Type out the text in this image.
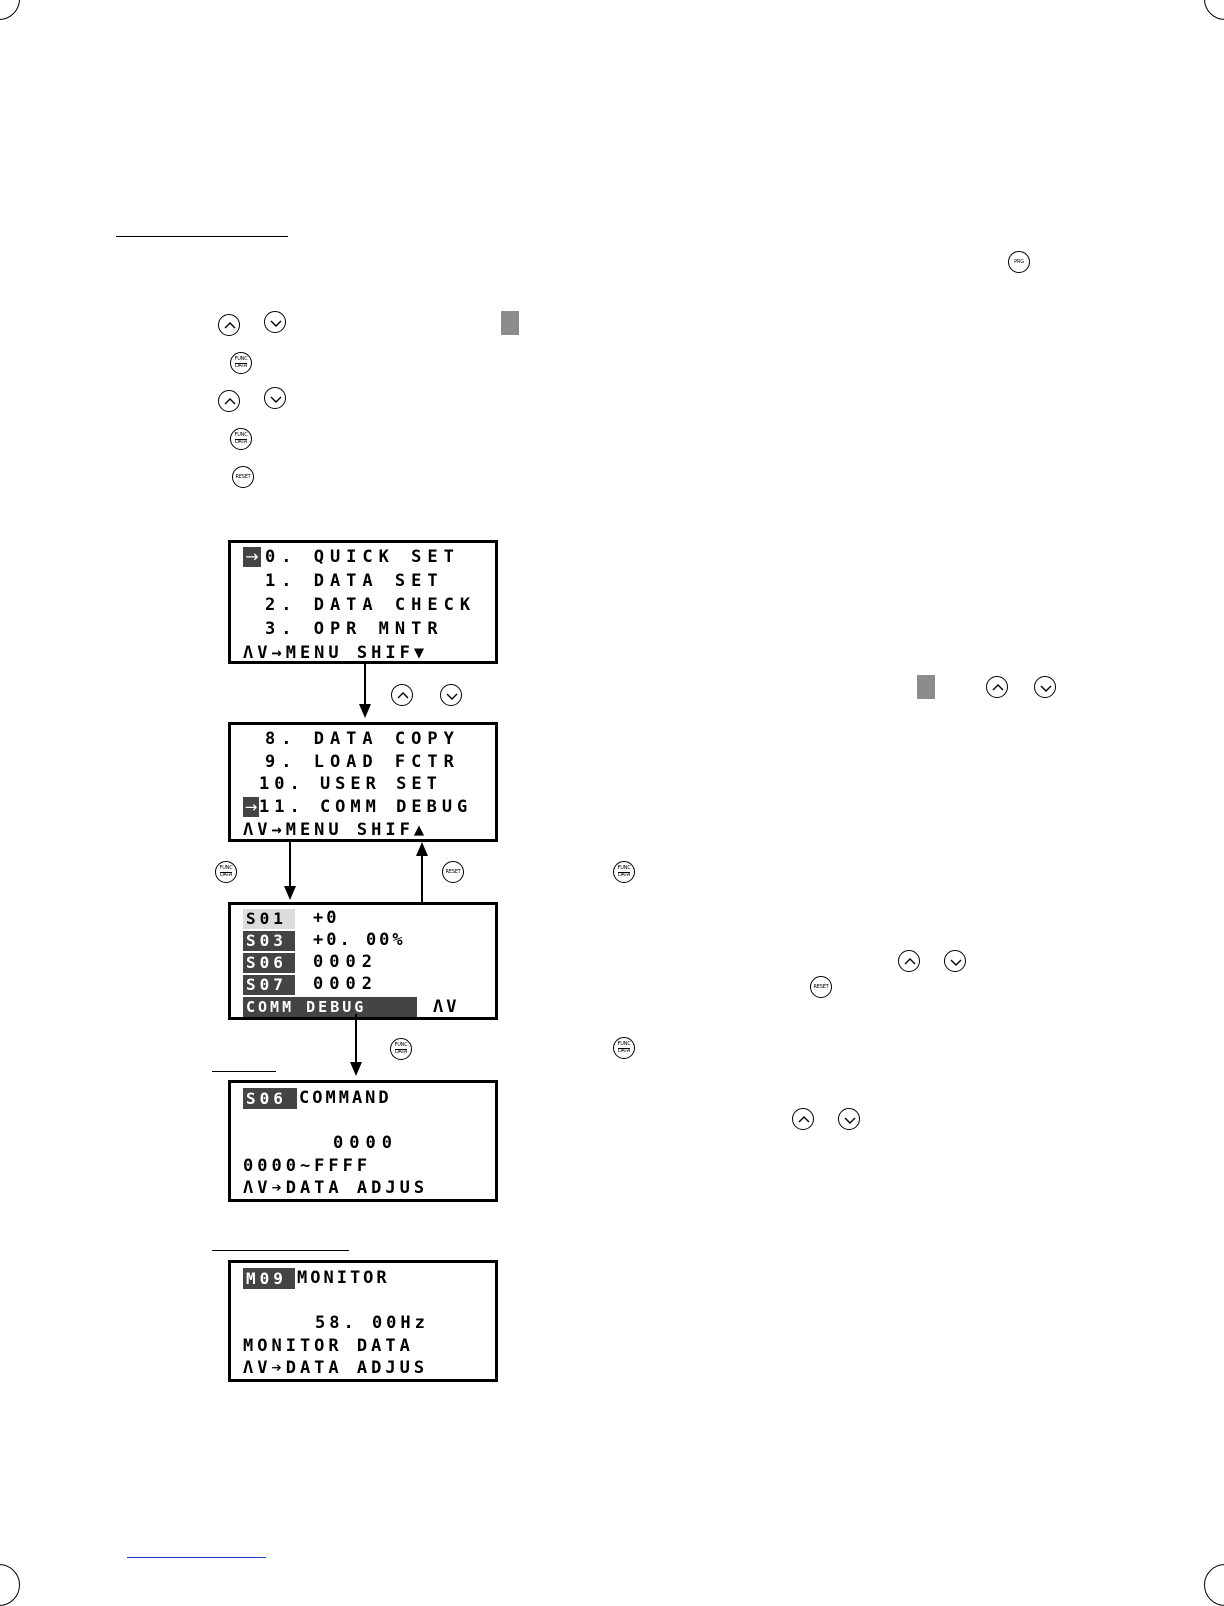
PRG
FUNC
DATA
FUNC
DATA
RESET
→ 0. QUICK SET
1. DATA SET
2. DATA CHECK
3. OPR MNTR
ΛV→MENU SHIF▼
8. DATA COPY
9. LOAD FCTR
10. USER SET
→ 11. COMM DEBUG
ΛV→MENU SHIF▲
FUNC
DATA
RESET
FUNC
DATA
S01	+0
S03	+0. 00%
S06	0002
S07	0002
COMM DEBUG	ΛV
FUNC
DATA
FUNC
DATA
RESET
S06 COMMAND
0000
0000~FFFF
ΛV➔DATA ADJUS
M09 MONITOR
58. 00Hz
MONITOR DATA
ΛV➔DATA ADJUS
